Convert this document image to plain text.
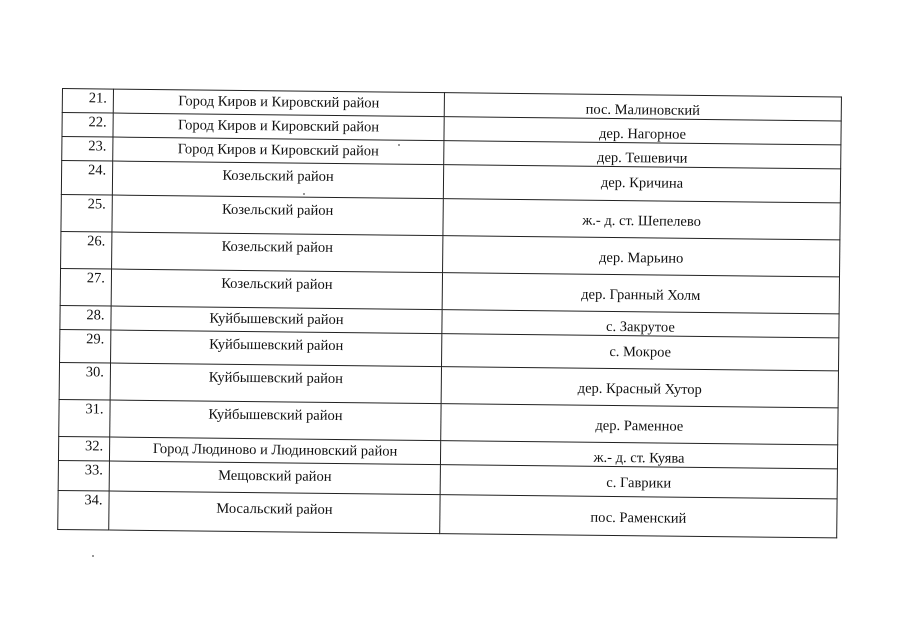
21.	Город Киров и Кировский район	пос. Малиновский
22.	Город Киров и Кировский район	дер. Нагорное
23.	Город Киров и Кировский район	дер. Тешевичи
24.	Козельский район	дер. Кричина
25.	Козельский район	ж.- д. ст. Шепелево
26.	Козельский район	дер. Марьино
27.	Козельский район	дер. Гранный Холм
28.	Куйбышевский район	с. Закрутое
29.	Куйбышевский район	с. Мокрое
30.	Куйбышевский район	дер. Красный Хутор
31.	Куйбышевский район	дер. Раменное
32.	Город Людиново и Людиновский район	ж.- д. ст. Куява
33.	Мещовский район	с. Гаврики
34.	Мосальский район	пос. Раменский
